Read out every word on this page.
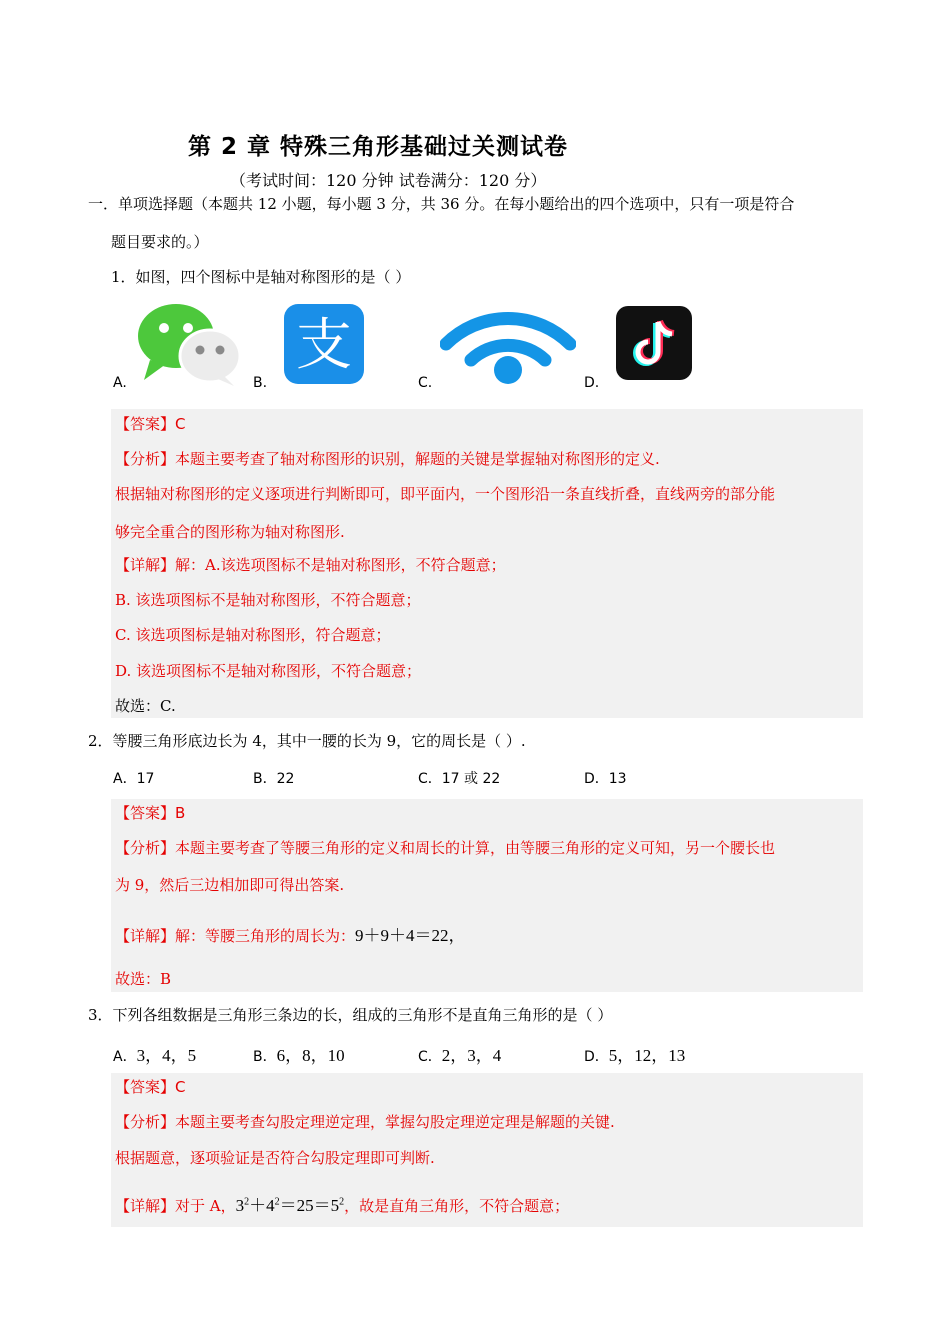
第 2 章 特殊三角形基础过关测试卷
（考试时间：120 分钟 试卷满分：120 分）
一．单项选择题（本题共 12 小题，每小题 3 分，共 36 分。在每小题给出的四个选项中，只有一项是符合
题目要求的。）
1．如图，四个图标中是轴对称图形的是（ ）
A.	B.
支
C.	D.
【答案】C
【分析】本题主要考查了轴对称图形的识别，解题的关键是掌握轴对称图形的定义.
根据轴对称图形的定义逐项进行判断即可，即平面内，一个图形沿一条直线折叠，直线两旁的部分能
够完全重合的图形称为轴对称图形.
【详解】解：A.该选项图标不是轴对称图形，不符合题意；
B. 该选项图标不是轴对称图形，不符合题意；
C. 该选项图标是轴对称图形，符合题意；
D. 该选项图标不是轴对称图形，不符合题意；
故选：C.
2．等腰三角形底边长为 4，其中一腰的长为 9，它的周长是（ ）.
A．17	B．22	C．17 或 22	D．13
【答案】B
【分析】本题主要考查了等腰三角形的定义和周长的计算，由等腰三角形的定义可知，另一个腰长也
为 9，然后三边相加即可得出答案.
【详解】解：等腰三角形的周长为：9＋9＋4＝22，
故选：B
3．下列各组数据是三角形三条边的长，组成的三角形不是直角三角形的是（ ）
A．3，4，5	B．6，8，10	C．2，3，4	D．5，12，13
【答案】C
【分析】本题主要考查勾股定理逆定理，掌握勾股定理逆定理是解题的关键.
根据题意，逐项验证是否符合勾股定理即可判断.
【详解】对于 A，$3^2+4^2=25=5^2$，故是直角三角形，不符合题意；
